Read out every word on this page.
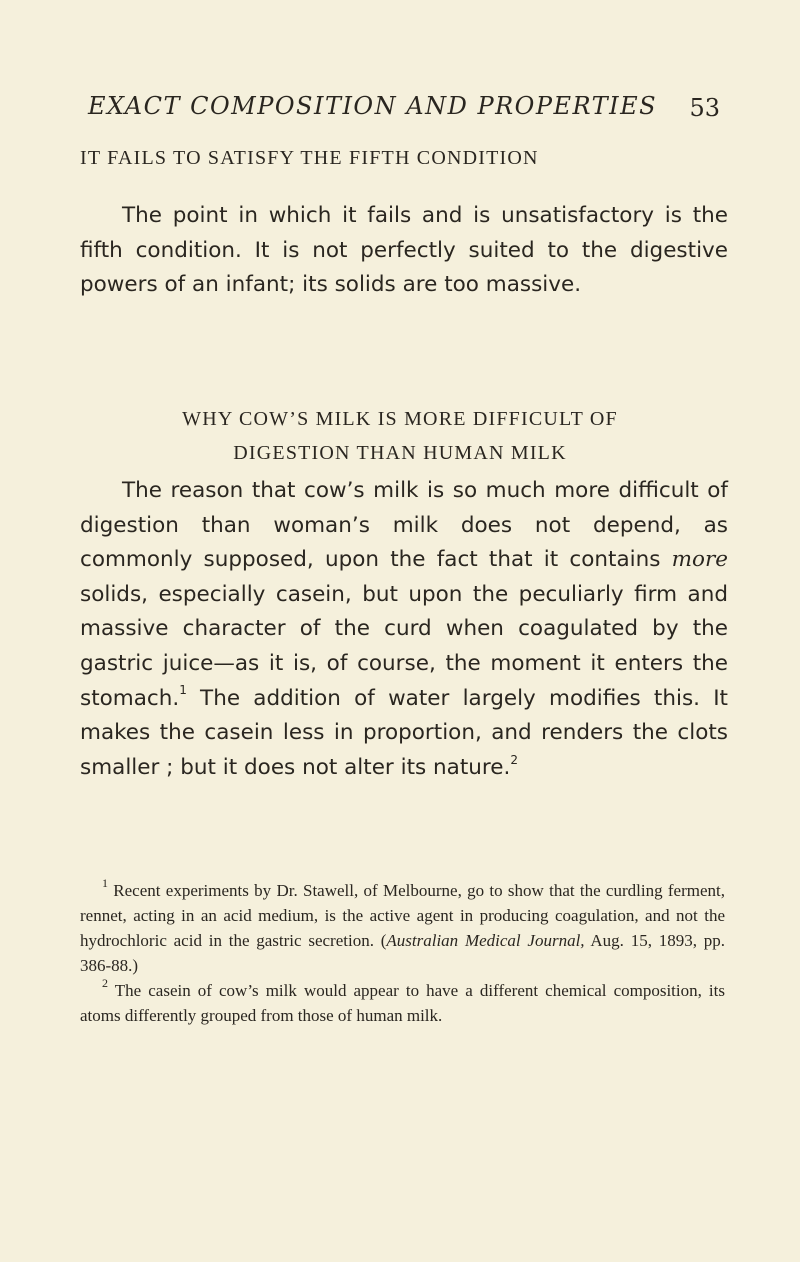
EXACT COMPOSITION AND PROPERTIES	53
IT FAILS TO SATISFY THE FIFTH CONDITION
The point in which it fails and is unsatisfactory is the fifth condition. It is not perfectly suited to the digestive powers of an infant; its solids are too massive.
WHY COW’S MILK IS MORE DIFFICULT OF
DIGESTION THAN HUMAN MILK
The reason that cow’s milk is so much more difficult of digestion than woman’s milk does not depend, as commonly supposed, upon the fact that it contains more solids, especially casein, but upon the peculiarly firm and massive character of the curd when coagulated by the gastric juice—as it is, of course, the moment it enters the stomach.$^1$ The addition of water largely modifies this. It makes the casein less in proportion, and renders the clots smaller ; but it does not alter its nature.$^2$

$^1$ Recent experiments by Dr. Stawell, of Melbourne, go to show that the curdling ferment, rennet, acting in an acid medium, is the active agent in producing coagulation, and not the hydrochloric acid in the gastric secretion. (Australian Medical Journal, Aug. 15, 1893, pp. 386-88.)

$^2$ The casein of cow’s milk would appear to have a different chemical composition, its atoms differently grouped from those of human milk.
